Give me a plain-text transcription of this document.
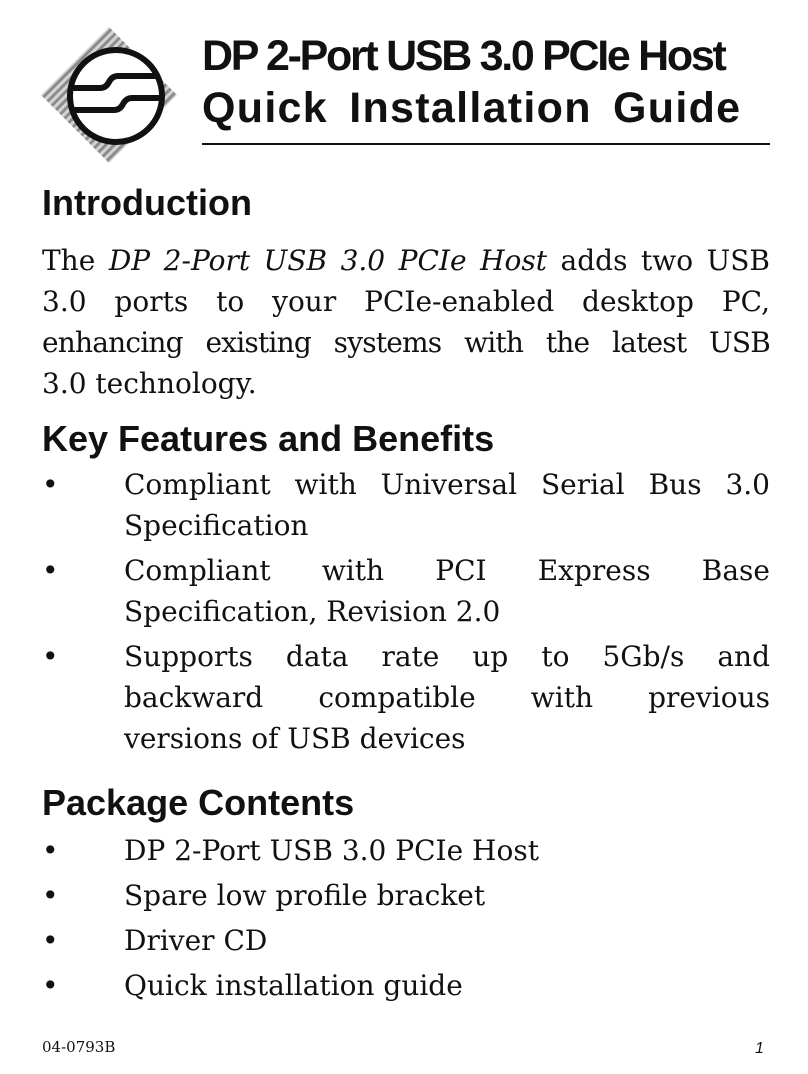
DP 2-Port USB 3.0 PCIe Host
Quick Installation Guide
Introduction
The DP 2-Port USB 3.0 PCIe Host adds two USB
3.0 ports to your PCIe-enabled desktop PC,
enhancing existing systems with the latest USB
3.0 technology.
Key Features and Benefits
•	Compliant with Universal Serial Bus 3.0
Specification
•	Compliant with PCI Express Base
Specification, Revision 2.0
•	Supports data rate up to 5Gb/s and
backward compatible with previous
versions of USB devices
Package Contents
•	DP 2-Port USB 3.0 PCIe Host
•	Spare low profile bracket
•	Driver CD
•	Quick installation guide
04-0793B	1
